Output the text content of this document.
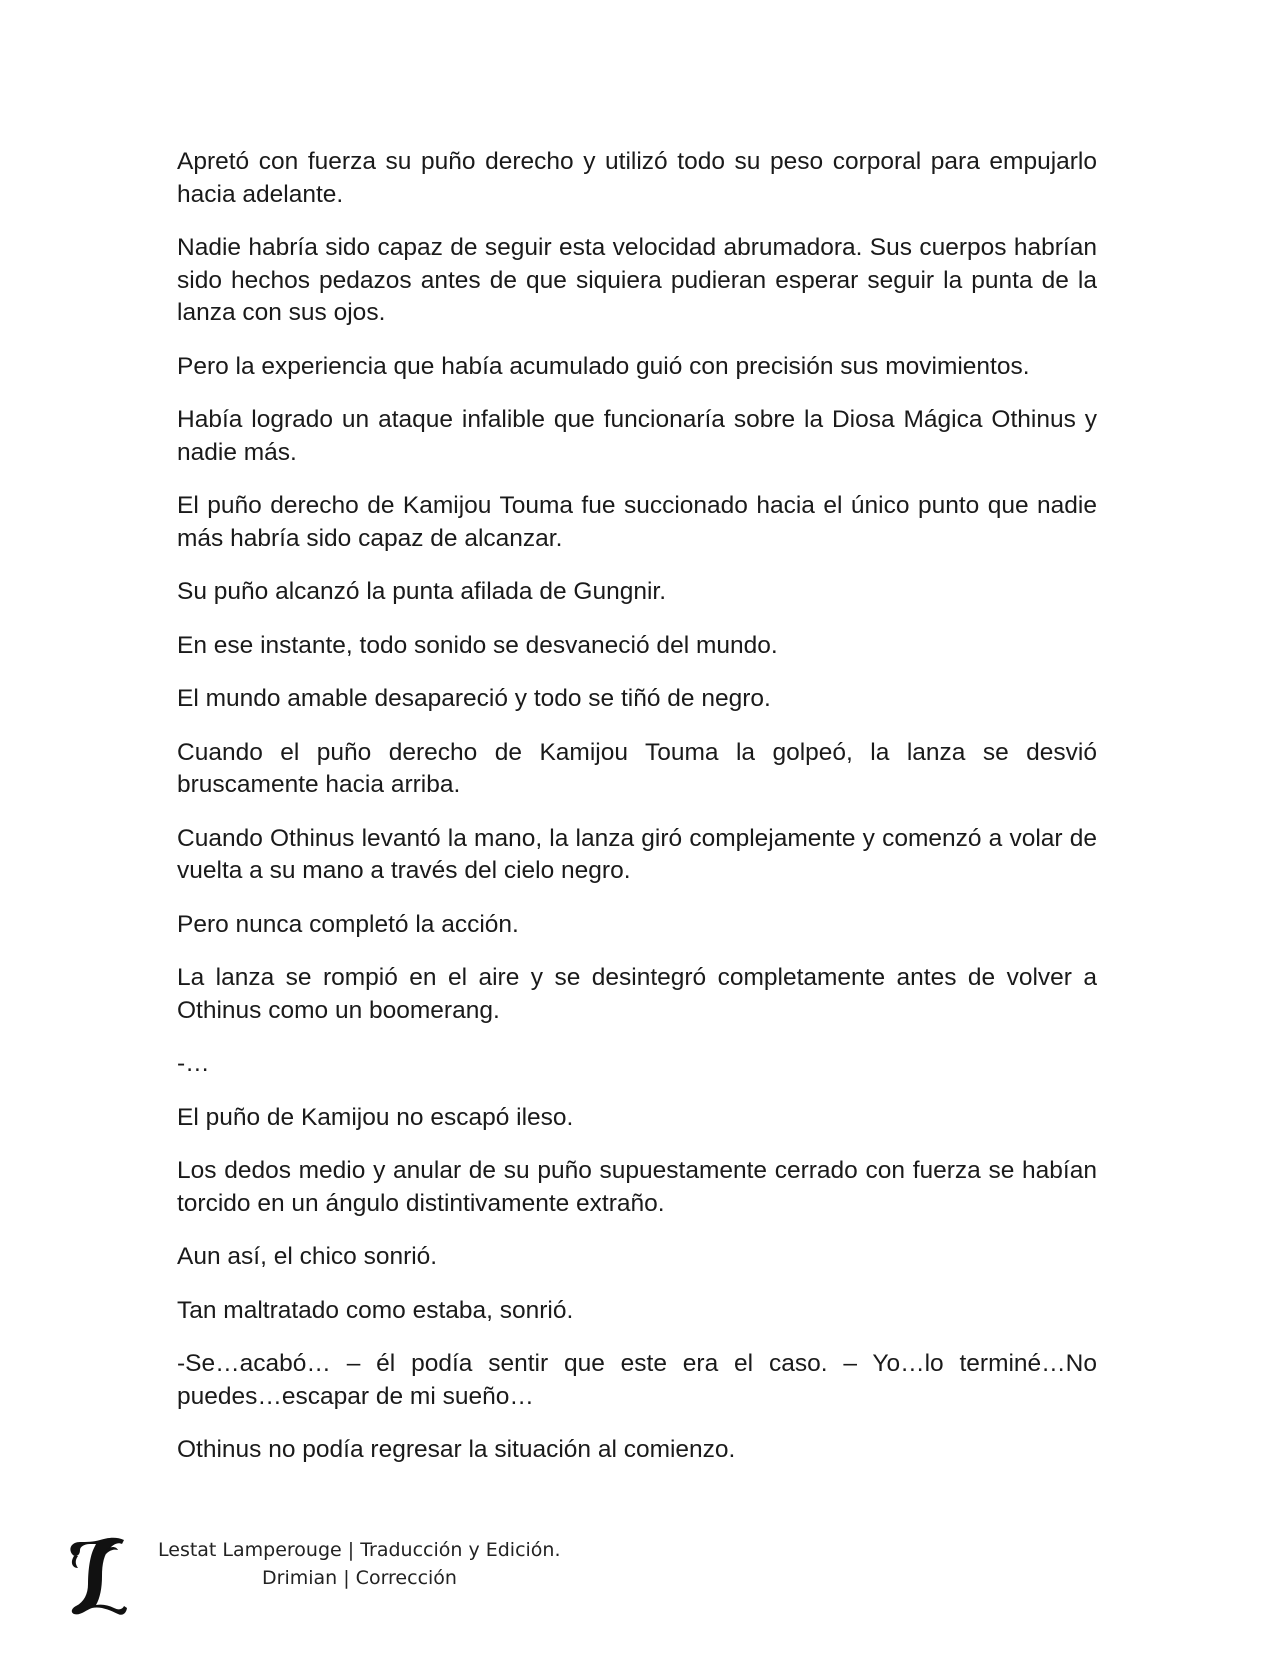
Apretó con fuerza su puño derecho y utilizó todo su peso corporal para empujarlo hacia adelante.

Nadie habría sido capaz de seguir esta velocidad abrumadora. Sus cuerpos habrían sido hechos pedazos antes de que siquiera pudieran esperar seguir la punta de la lanza con sus ojos.

Pero la experiencia que había acumulado guió con precisión sus movimientos.

Había logrado un ataque infalible que funcionaría sobre la Diosa Mágica Othinus y nadie más.

El puño derecho de Kamijou Touma fue succionado hacia el único punto que nadie más habría sido capaz de alcanzar.

Su puño alcanzó la punta afilada de Gungnir.

En ese instante, todo sonido se desvaneció del mundo.

El mundo amable desapareció y todo se tiñó de negro.

Cuando el puño derecho de Kamijou Touma la golpeó, la lanza se desvió bruscamente hacia arriba.

Cuando Othinus levantó la mano, la lanza giró complejamente y comenzó a volar de vuelta a su mano a través del cielo negro.

Pero nunca completó la acción.

La lanza se rompió en el aire y se desintegró completamente antes de volver a Othinus como un boomerang.

-…

El puño de Kamijou no escapó ileso.

Los dedos medio y anular de su puño supuestamente cerrado con fuerza se habían torcido en un ángulo distintivamente extraño.

Aun así, el chico sonrió.

Tan maltratado como estaba, sonrió.

-Se…acabó… – él podía sentir que este era el caso. – Yo…lo terminé…No puedes…escapar de mi sueño…

Othinus no podía regresar la situación al comienzo.

Lestat Lamperouge | Traducción y Edición.
Drimian | Corrección
